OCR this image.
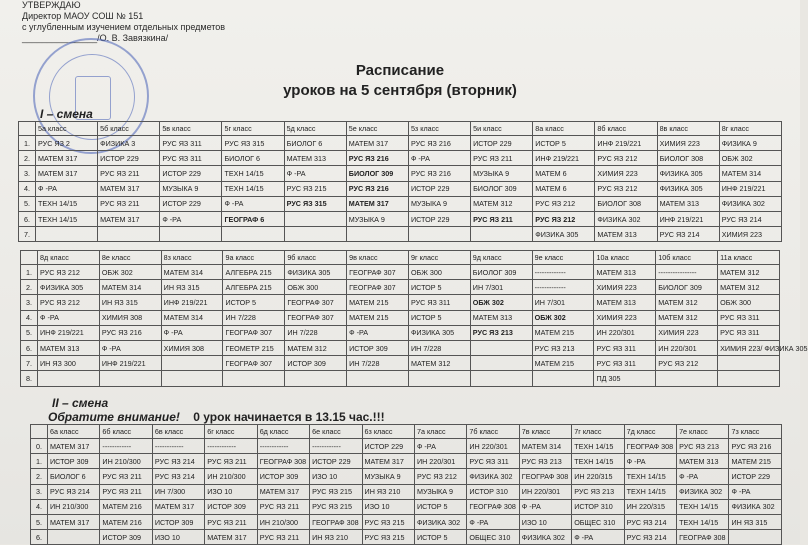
УТВЕРЖДАЮ
Директор МАОУ СОШ № 151
с углубленным изучением отдельных предметов
_______________/О. В. Завязкина/
Расписание
уроков на 5 сентября (вторник)
I – смена
	5а класс	5б класс	5в класс	5г класс	5д класс	5е класс	5з класс	5и класс	8а класс	8б класс	8в класс	8г класс
1.	РУС ЯЗ 2	ФИЗИКА 3	РУС ЯЗ 311	РУС ЯЗ 315	БИОЛОГ 6	МАТЕМ 317	РУС ЯЗ 216	ИСТОР 229	ИСТОР 5	ИНФ 219/221	ХИМИЯ 223	ФИЗИКА 9
2.	МАТЕМ 317	ИСТОР 229	РУС ЯЗ 311	БИОЛОГ 6	МАТЕМ 313	РУС ЯЗ 216	Ф -РА	РУС ЯЗ 211	ИНФ 219/221	РУС ЯЗ 212	БИОЛОГ 308	ОБЖ 302
3.	МАТЕМ 317	РУС ЯЗ 211	ИСТОР 229	ТЕХН 14/15	Ф -РА	БИОЛОГ 309	РУС ЯЗ 216	МУЗЫКА 9	МАТЕМ 6	ХИМИЯ 223	ФИЗИКА 305	МАТЕМ 314
4.	Ф -РА	МАТЕМ 317	МУЗЫКА 9	ТЕХН 14/15	РУС ЯЗ 215	РУС ЯЗ 216	ИСТОР 229	БИОЛОГ 309	МАТЕМ 6	РУС ЯЗ 212	ФИЗИКА 305	ИНФ 219/221
5.	ТЕХН 14/15	РУС ЯЗ 211	ИСТОР 229	Ф -РА	РУС ЯЗ 315	МАТЕМ 317	МУЗЫКА 9	МАТЕМ 312	РУС ЯЗ 212	БИОЛОГ 308	МАТЕМ 313	ФИЗИКА 302
6.	ТЕХН 14/15	МАТЕМ 317	Ф -РА	ГЕОГРАФ 6		МУЗЫКА 9	ИСТОР 229	РУС ЯЗ 211	РУС ЯЗ 212	ФИЗИКА 302	ИНФ 219/221	РУС ЯЗ 214
7.									ФИЗИКА 305	МАТЕМ 313	РУС ЯЗ 214	ХИМИЯ 223
	8д класс	8е класс	8з класс	9а класс	9б класс	9в класс	9г класс	9д класс	9е класс	10а класс	10б класс	11а класс
1.	РУС ЯЗ 212	ОБЖ 302	МАТЕМ 314	АЛГЕБРА 215	ФИЗИКА 305	ГЕОГРАФ 307	ОБЖ 300	БИОЛОГ 309	-------------	МАТЕМ 313	----------------	МАТЕМ 312
2.	ФИЗИКА 305	МАТЕМ 314	ИН ЯЗ 315	АЛГЕБРА 215	ОБЖ 300	ГЕОГРАФ 307	ИСТОР 5	ИН 7/301	-------------	ХИМИЯ 223	БИОЛОГ 309	МАТЕМ 312
3.	РУС ЯЗ 212	ИН ЯЗ 315	ИНФ 219/221	ИСТОР 5	ГЕОГРАФ 307	МАТЕМ 215	РУС ЯЗ 311	ОБЖ 302	ИН 7/301	МАТЕМ 313	МАТЕМ 312	ОБЖ 300
4.	Ф -РА	ХИМИЯ 308	МАТЕМ 314	ИН 7/228	ГЕОГРАФ 307	МАТЕМ 215	ИСТОР 5	МАТЕМ 313	ОБЖ 302	ХИМИЯ 223	МАТЕМ 312	РУС ЯЗ 311
5.	ИНФ 219/221	РУС ЯЗ 216	Ф -РА	ГЕОГРАФ 307	ИН 7/228	Ф -РА	ФИЗИКА 305	РУС ЯЗ 213	МАТЕМ 215	ИН 220/301	ХИМИЯ 223	РУС ЯЗ 311
6.	МАТЕМ 313	Ф -РА	ХИМИЯ 308	ГЕОМЕТР 215	МАТЕМ 312	ИСТОР 309	ИН 7/228		РУС ЯЗ 213	РУС ЯЗ 311	ИН 220/301	ХИМИЯ 223/ ФИЗИКА 305
7.	ИН ЯЗ 300	ИНФ 219/221		ГЕОГРАФ 307	ИСТОР 309	ИН 7/228	МАТЕМ 312		МАТЕМ 215	РУС ЯЗ 311	РУС ЯЗ 212	
8.										ПД 305		
II – смена
Обратите внимание! 0 урок начинается в 13.15 час.!!!
	6а класс	6б класс	6в класс	6г класс	6д класс	6е класс	6з класс	7а класс	7б класс	7в класс	7г класс	7д класс	7е класс	7з класс
0.	МАТЕМ 317	------------	------------	------------	------------	------------	ИСТОР 229	Ф -РА	ИН 220/301	МАТЕМ 314	ТЕХН 14/15	ГЕОГРАФ 308	РУС ЯЗ 213	РУС ЯЗ 216
1.	ИСТОР 309	ИН 210/300	РУС ЯЗ 214	РУС ЯЗ 211	ГЕОГРАФ 308	ИСТОР 229	МАТЕМ 317	ИН 220/301	РУС ЯЗ 311	РУС ЯЗ 213	ТЕХН 14/15	Ф -РА	МАТЕМ 313	МАТЕМ 215
2.	БИОЛОГ 6	РУС ЯЗ 211	РУС ЯЗ 214	ИН 210/300	ИСТОР 309	ИЗО 10	МУЗЫКА 9	РУС ЯЗ 212	ФИЗИКА 302	ГЕОГРАФ 308	ИН 220/315	ТЕХН 14/15	Ф -РА	ИСТОР 229
3.	РУС ЯЗ 214	РУС ЯЗ 211	ИН 7/300	ИЗО 10	МАТЕМ 317	РУС ЯЗ 215	ИН ЯЗ 210	МУЗЫКА 9	ИСТОР 310	ИН 220/301	РУС ЯЗ 213	ТЕХН 14/15	ФИЗИКА 302	Ф -РА
4.	ИН 210/300	МАТЕМ 216	МАТЕМ 317	ИСТОР 309	РУС ЯЗ 211	РУС ЯЗ 215	ИЗО 10	ИСТОР 5	ГЕОГРАФ 308	Ф -РА	ИСТОР 310	ИН 220/315	ТЕХН 14/15	ФИЗИКА 302
5.	МАТЕМ 317	МАТЕМ 216	ИСТОР 309	РУС ЯЗ 211	ИН 210/300	ГЕОГРАФ 308	РУС ЯЗ 215	ФИЗИКА 302	Ф -РА	ИЗО 10	ОБЩЕС 310	РУС ЯЗ 214	ТЕХН 14/15	ИН ЯЗ 315
6.		ИСТОР 309	ИЗО 10	МАТЕМ 317	РУС ЯЗ 211	ИН ЯЗ 210	РУС ЯЗ 215	ИСТОР 5	ОБЩЕС 310	ФИЗИКА 302	Ф -РА	РУС ЯЗ 214	ГЕОГРАФ 308	
